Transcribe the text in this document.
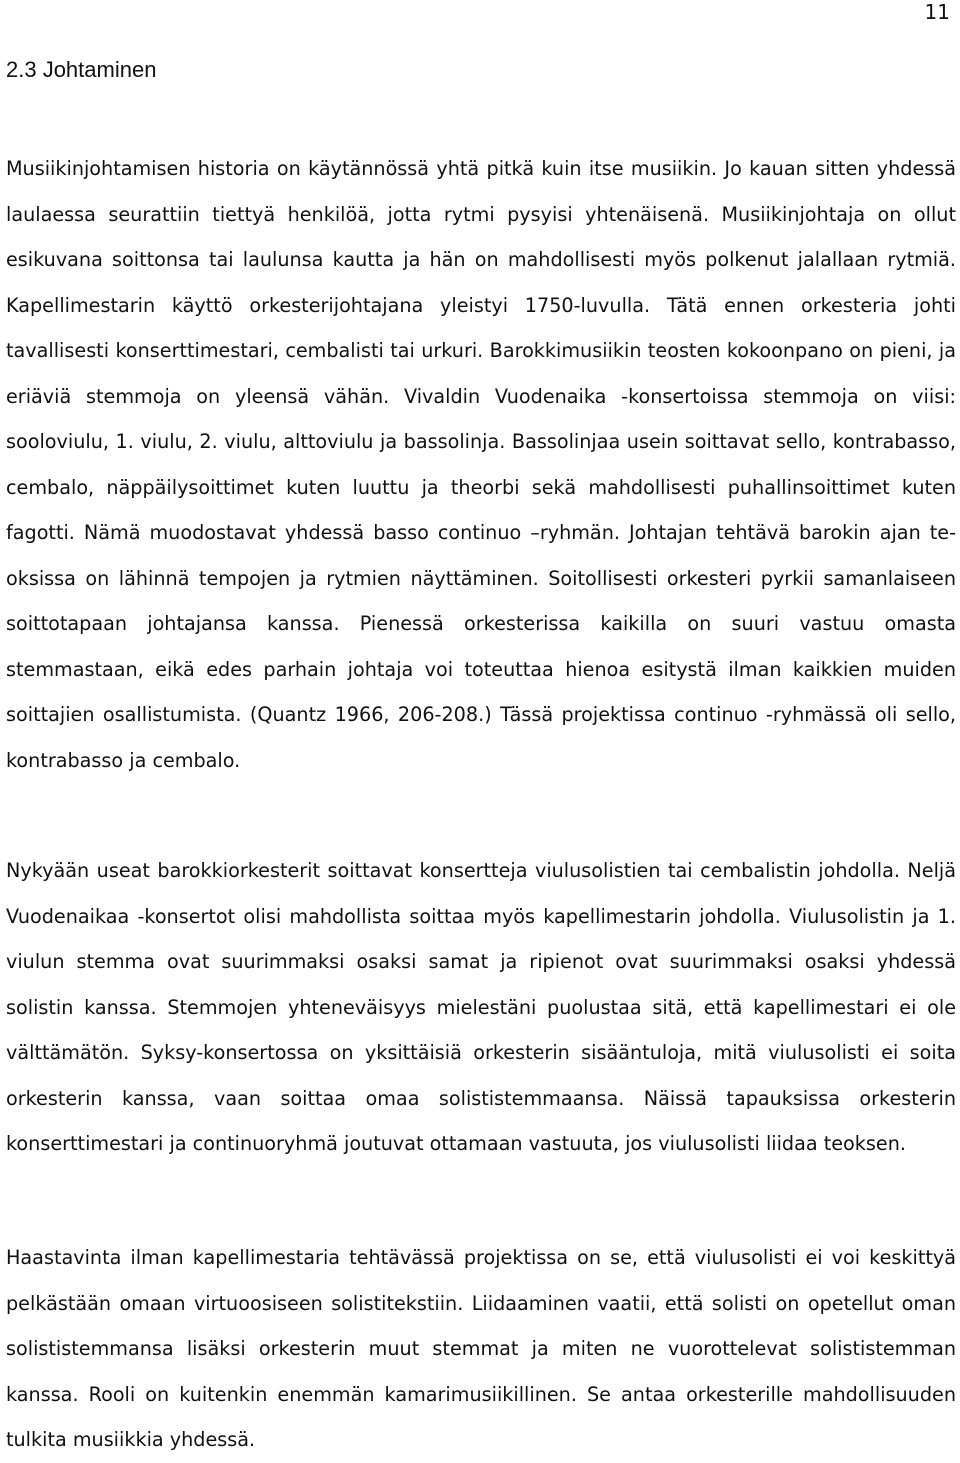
11
2.3 Johtaminen

Musiikinjohtamisen historia on käytännössä yhtä pitkä kuin itse musiikin. Jo kauan sitten yhdessä laulaessa seurattiin tiettyä henkilöä, jotta rytmi pysyisi yhtenäisenä. Musiikinjohtaja on ollut esikuvana soittonsa tai laulunsa kautta ja hän on mahdollisesti myös polkenut jalallaan rytmiä. Kapellimestarin käyttö orkesterijohtajana yleistyi 1750-luvulla. Tätä ennen orkesteria johti tavallisesti konserttimestari, cembalisti tai urkuri. Barokkimusiikin teosten kokoonpano on pieni, ja eriäviä stemmoja on yleensä vähän. Vivaldin Vuodenaika -konsertoissa stemmoja on viisi: sooloviulu, 1. viulu, 2. viulu, alttoviulu ja bassolinja. Bassolinjaa usein soittavat sello, kontrabasso, cembalo, näppäilysoittimet kuten luuttu ja theorbi sekä mahdollisesti puhallinsoittimet kuten fagotti. Nämä muodostavat yhdessä basso continuo –ryhmän. Johtajan tehtävä barokin ajan teoksissa on lähinnä tempojen ja rytmien näyttäminen. Soitollisesti orkesteri pyrkii samanlaiseen soittotapaan johtajansa kanssa. Pienessä orkesterissa kaikilla on suuri vastuu omasta stemmastaan, eikä edes parhain johtaja voi toteuttaa hienoa esitystä ilman kaikkien muiden soittajien osallistumista. (Quantz 1966, 206-208.) Tässä projektissa continuo -ryhmässä oli sello, kontrabasso ja cembalo.

Nykyään useat barokkiorkesterit soittavat konsertteja viulusolistien tai cembalistin johdolla. Neljä Vuodenaikaa -konsertot olisi mahdollista soittaa myös kapellimestarin johdolla. Viulusolistin ja 1. viulun stemma ovat suurimmaksi osaksi samat ja ripienot ovat suurimmaksi osaksi yhdessä solistin kanssa. Stemmojen yhteneväisyys mielestäni puolustaa sitä, että kapellimestari ei ole välttämätön. Syksy-konsertossa on yksittäisiä orkesterin sisääntuloja, mitä viulusolisti ei soita orkesterin kanssa, vaan soittaa omaa solististemmaansa. Näissä tapauksissa orkesterin konserttimestari ja continuoryhmä joutuvat ottamaan vastuuta, jos viulusolisti liidaa teoksen.

Haastavinta ilman kapellimestaria tehtävässä projektissa on se, että viulusolisti ei voi keskittyä pelkästään omaan virtuoosiseen solistitekstiin. Liidaaminen vaatii, että solisti on opetellut oman solististemmansa lisäksi orkesterin muut stemmat ja miten ne vuorottelevat solististemman kanssa. Rooli on kuitenkin enemmän kamarimusiikillinen. Se antaa orkesterille mahdollisuuden tulkita musiikkia yhdessä.
